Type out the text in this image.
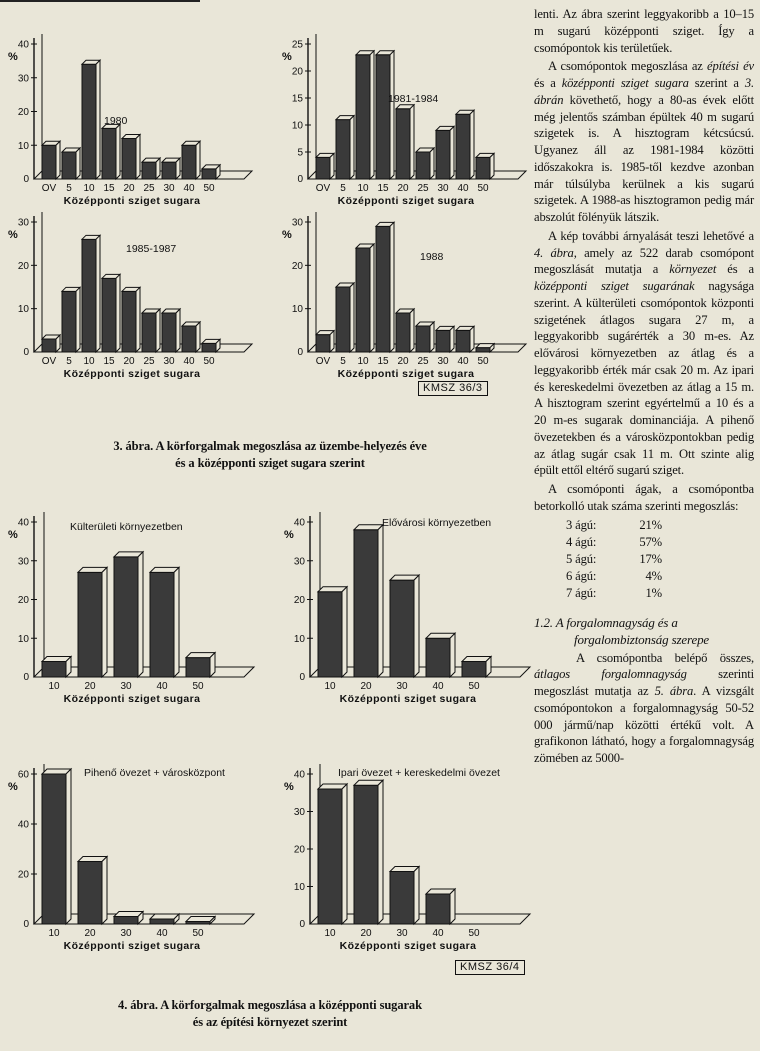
10
20
30
40
0
%
OV 5 10 15 20 25 30 40 50
Középponti sziget sugara
1980
5
10
15
20
25
0
%
OV 5 10 15 20 25 30 40 50
Középponti sziget sugara
1981-1984
10
20
30
0
%
OV 5 10 15 20 25 30 40 50
Középponti sziget sugara
1985-1987
10
20
30
0
%
OV 5 10 15 20 25 30 40 50
Középponti sziget sugara
1988
KMSZ 36/3
3. ábra. A körforgalmak megoszlása az üzembe-helyezés éve
és a középponti sziget sugara szerint
10
20
30
40
0
%
10 20 30 40 50
Középponti sziget sugara
Külterületi környezetben
10
20
30
40
0
%
10 20 30 40 50
Középponti sziget sugara
Elővárosi környezetben
20
40
60
0
%
10 20 30 40 50
Középponti sziget sugara
Pihenő övezet + városközpont
10
20
30
40
0
%
10 20 30 40 50
Középponti sziget sugara
Ipari övezet + kereskedelmi övezet
KMSZ 36/4
4. ábra. A körforgalmak megoszlása a középponti sugarak
és az építési környezet szerint

lenti. Az ábra szerint leggyakoribb a 10–15 m sugarú középponti sziget. Így a csomópontok kis területűek.

A csomópontok megoszlása az építési év és a középponti sziget sugara szerint a 3. ábrán követhető, hogy a 80-as évek előtt még jelentős számban épültek 40 m sugarú szigetek is. A hisztogram kétcsúcsú. Ugyanez áll az 1981-1984 közötti időszakokra is. 1985-től kezdve azonban már túlsúlyba kerülnek a kis sugarú szigetek. A 1988-as hisztogramon pedig már abszolút fölényük látszik.

A kép további árnyalását teszi lehetővé a 4. ábra, amely az 522 darab csomópont megoszlását mutatja a környezet és a középponti sziget sugarának nagysága szerint. A külterületi csomópontok központi szigetének átlagos sugara 27 m, a leggyakoribb sugárérték a 30 m-es. Az elővárosi környezetben az átlag és a leggyakoribb érték már csak 20 m. Az ipari és kereskedelmi övezetben az átlag a 15 m. A hisztogram szerint egyértelmű a 10 és a 20 m-es sugarak dominanciája. A pihenő övezetekben és a városközpontokban pedig az átlag sugár csak 11 m. Ott szinte alig épült ettől eltérő sugarú sziget.

A csomóponti ágak, a csomópontba betorkolló utak száma szerinti megoszlás:

3 ágú:	21%
4 ágú:	57%
5 ágú:	17%
6 ágú:	4%
7 ágú:	1%
1.2. A forgalomnagyság és a
forgalombiztonság szerepe

A csomópontba belépő összes, átlagos forgalomnagyság szerinti megoszlást mutatja az 5. ábra. A vizsgált csomópontokon a forgalomnagyság 50-52 000 jármű/nap közötti értékű volt. A grafikonon látható, hogy a forgalomnagyság zömében az 5000-
